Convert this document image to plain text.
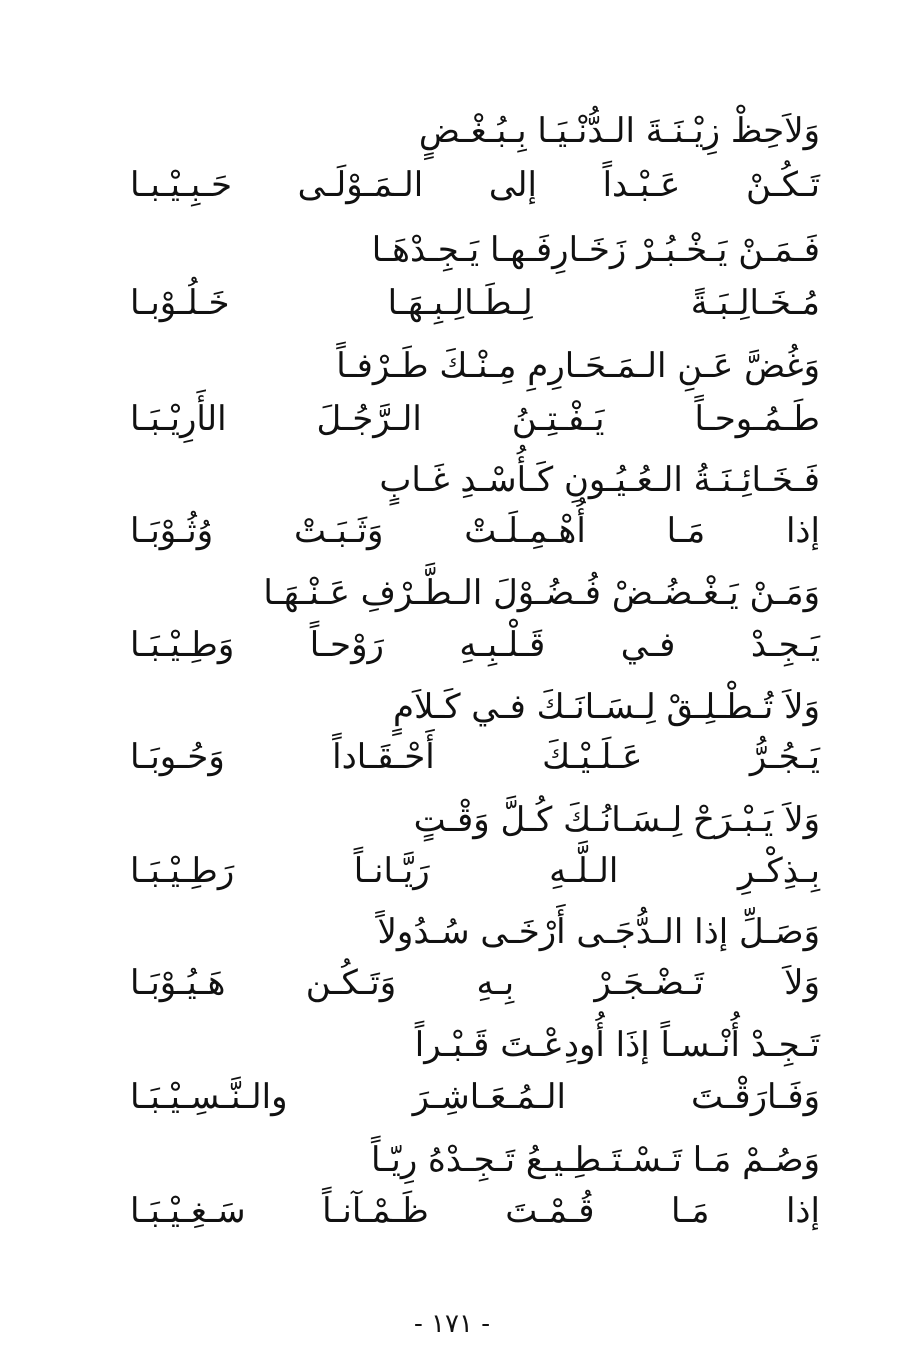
وَلاَحِظْ زِيْـنَـةَ الـدُّنْـيَـا بِـبُـغْـضٍ
تَـكُـنْ عَـبْـداً إلى الـمَـوْلَـى حَـبِـيْـبـا
فَـمَـنْ يَـخْـبُـرْ زَخَـارِفَـهـا يَـجِـدْهَـا
مُـخَـالِـبَـةً لِـطَـالِـبِـهَـا خَـلُـوْبـا
وَغُضَّ عَـنِ الـمَـحَـارِمِ مِـنْـكَ طَـرْفـاً
طَـمُـوحـاً يَـفْـتِـنُ الـرَّجُـلَ الأَرِيْـبَـا
فَـخَـائِـنَـةُ الـعُـيُـونِ كَـأُسْـدِ غَـابٍ
إذا مَـا أُهْـمِـلَـتْ وَثَـبَـتْ وُثُـوْبَـا
وَمَـنْ يَـغْـضُـضْ فُـضُـوْلَ الـطَّـرْفِ عَـنْـهَـا
يَـجِـدْ فـي قَـلْـبِـهِ رَوْحـاً وَطِـيْـبَـا
وَلاَ تُـطْـلِـقْ لِـسَـانَـكَ فـي كَـلاَمٍ
يَـجُـرُّ عَـلَـيْـكَ أَحْـقَـاداً وَحُـوبَـا
وَلاَ يَـبْـرَحْ لِـسَـانُـكَ كُـلَّ وَقْـتٍ
بِـذِكْـرِ الـلَّـهِ رَيَّـانـاً رَطِـيْـبَـا
وَصَـلِّ إذا الـدُّجَـى أَرْخَـى سُـدُولاً
وَلاَ تَـضْـجَـرْ بِـهِ وَتَـكُـن هَـيُـوْبَـا
تَـجِـدْ أُنْـسـاً إذَا أُودِعْـتَ قَـبْـراً
وَفَـارَقْـتَ الـمُـعَـاشِـرَ والـنَّـسِـيْـبَـا
وَصُـمْ مَـا تَـسْـتَـطِـيـعُ تَـجِـدْهُ رِيّـاً
إذا مَـا قُـمْـتَ ظَـمْـآنـاً سَـغِـيْـبَـا
- ١٧١ -
